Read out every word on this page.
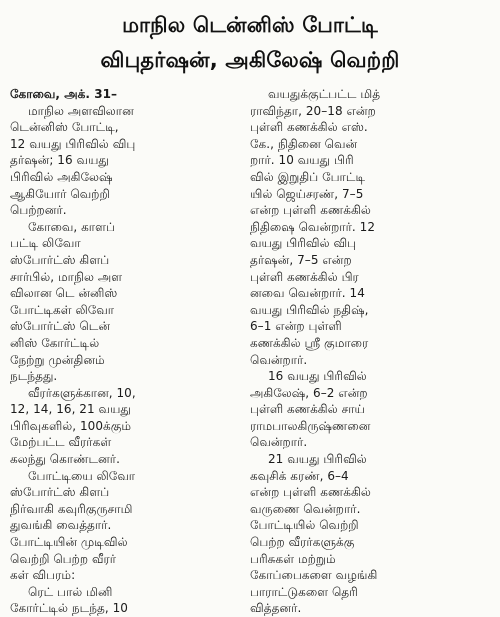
மாநில டென்னிஸ் போட்டி
விபுதர்ஷன், அகிலேஷ் வெற்றி
கோவை, அக். 31–
மாநில அளவிலான
டென்னிஸ் போட்டி,
12 வயது பிரிவில் விபு
தர்ஷன்; 16 வயது
பிரிவில் அகிலேஷ்
ஆகியோர் வெற்றி
பெற்றனர்.
கோவை, காளப்
பட்டி லிவோ
ஸ்போர்ட்ஸ் கிளப்
சார்பில், மாநில அள
விலான டெ ன்னிஸ்
போட்டிகள் லிவோ
ஸ்போர்ட்ஸ் டென்
னிஸ் கோர்ட்டில்
நேற்று முன்தினம்
நடந்தது.
வீரர்களுக்கான, 10,
12, 14, 16, 21 வயது
பிரிவுகளில், 100க்கும்
மேற்பட்ட வீரர்கள்
கலந்து கொண்டனர்.
போட்டியை லிவோ
ஸ்போர்ட்ஸ் கிளப்
நிர்வாகி கவுரிகுருசாமி
துவங்கி வைத்தார்.
போட்டியின் முடிவில்
வெற்றி பெற்ற வீரர்
கள் விபரம்:
ரெட் பால் மினி
கோர்ட்டில் நடந்த, 10
வயதுக்குட்பட்ட மித்
ராவிந்தா, 20–18 என்ற
புள்ளி கணக்கில் எஸ்.
கே., நிதினை வென்
றார். 10 வயது பிரி
வில் இறுதிப் போட்டி
யில் ஜெய்சரண், 7–5
என்ற புள்ளி கணக்கில்
நிதிஷை வென்றார். 12
வயது பிரிவில் விபு
தர்ஷன், 7–5 என்ற
புள்ளி கணக்கில் பிர
னவை வென்றார். 14
வயது பிரிவில் நதிஷ்,
6–1 என்ற புள்ளி
கணக்கில் ஸ்ரீ குமாரை
வென்றார்.
16 வயது பிரிவில்
அகிலேஷ், 6–2 என்ற
புள்ளி கணக்கில் சாய்
ராமபாலகிருஷ்ணனை
வென்றார்.
21 வயது பிரிவில்
கவுசிக் கரண், 6–4
என்ற புள்ளி கணக்கில்
வருணை வென்றார்.
போட்டியில் வெற்றி
பெற்ற வீரர்களுக்கு
பரிசுகள் மற்றும்
கோப்பைகளை வழங்கி
பாராட்டுகளை தெரி
வித்தனர்.
